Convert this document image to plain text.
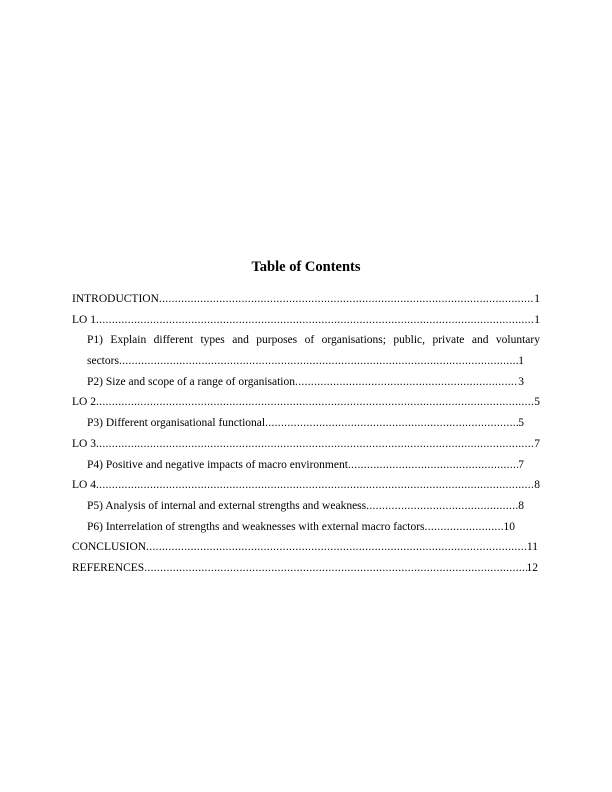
Table of Contents
INTRODUCTION .....	1
LO 1 .....	1
P1) Explain different types and purposes of organisations; public, private and voluntary
sectors .....	1
P2) Size and scope of a range of organisation .....	3
LO 2 .....	5
P3) Different organisational functional .....	5
LO 3 .....	7
P4) Positive and negative impacts of macro environment .....	7
LO 4 .....	8
P5) Analysis of internal and external strengths and weakness .....	8
P6) Interrelation of strengths and weaknesses with external macro factors .....	10
CONCLUSION .....	11
REFERENCES .....	12
